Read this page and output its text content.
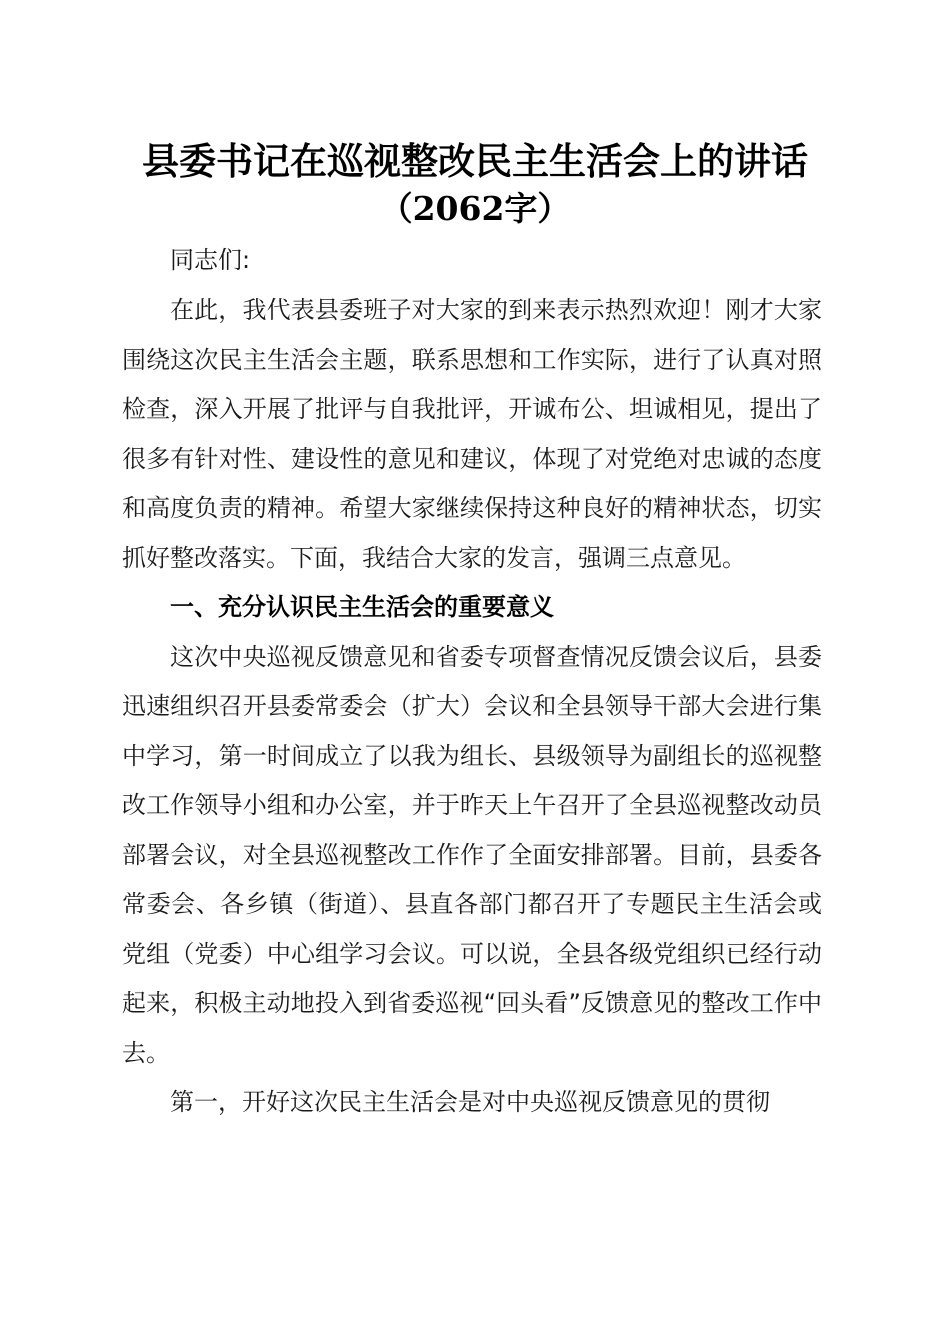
县委书记在巡视整改民主生活会上的讲话
（2062字）

同志们:

在此，我代表县委班子对大家的到来表示热烈欢迎！刚才大家围绕这次民主生活会主题，联系思想和工作实际，进行了认真对照检查，深入开展了批评与自我批评，开诚布公、坦诚相见，提出了很多有针对性、建设性的意见和建议，体现了对党绝对忠诚的态度和高度负责的精神。希望大家继续保持这种良好的精神状态，切实抓好整改落实。下面，我结合大家的发言，强调三点意见。

一、充分认识民主生活会的重要意义

这次中央巡视反馈意见和省委专项督查情况反馈会议后，县委迅速组织召开县委常委会（扩大）会议和全县领导干部大会进行集中学习，第一时间成立了以我为组长、县级领导为副组长的巡视整改工作领导小组和办公室，并于昨天上午召开了全县巡视整改动员部署会议，对全县巡视整改工作作了全面安排部署。目前，县委各常委会、各乡镇（街道）、县直各部门都召开了专题民主生活会或党组（党委）中心组学习会议。可以说，全县各级党组织已经行动起来，积极主动地投入到省委巡视“回头看”反馈意见的整改工作中去。

第一，开好这次民主生活会是对中央巡视反馈意见的贯彻
